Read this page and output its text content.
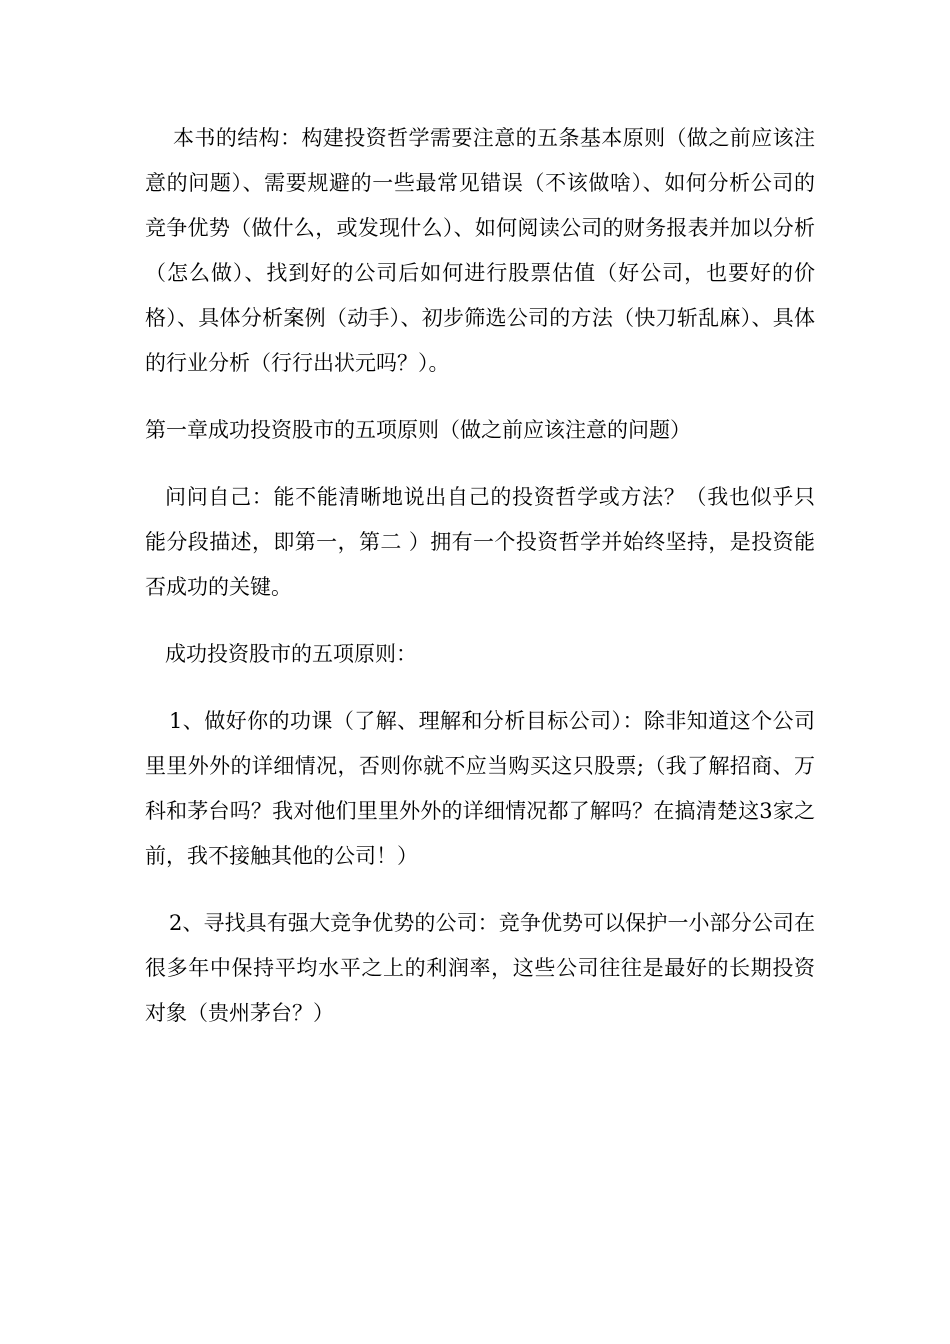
本书的结构：构建投资哲学需要注意的五条基本原则（做之前应该注意的问题）、需要规避的一些最常见错误（不该做啥）、如何分析公司的竞争优势（做什么，或发现什么）、如何阅读公司的财务报表并加以分析（怎么做）、找到好的公司后如何进行股票估值（好公司，也要好的价格）、具体分析案例（动手）、初步筛选公司的方法（快刀斩乱麻）、具体的行业分析（行行出状元吗？）。

第一章成功投资股市的五项原则（做之前应该注意的问题）

问问自己：能不能清晰地说出自己的投资哲学或方法？（我也似乎只能分段描述，即第一，第二 ）拥有一个投资哲学并始终坚持，是投资能否成功的关键。

成功投资股市的五项原则：

1、做好你的功课（了解、理解和分析目标公司）：除非知道这个公司里里外外的详细情况，否则你就不应当购买这只股票;（我了解招商、万科和茅台吗？我对他们里里外外的详细情况都了解吗？在搞清楚这3家之前，我不接触其他的公司！）

2、寻找具有强大竞争优势的公司：竞争优势可以保护一小部分公司在很多年中保持平均水平之上的利润率，这些公司往往是最好的长期投资对象（贵州茅台？）
